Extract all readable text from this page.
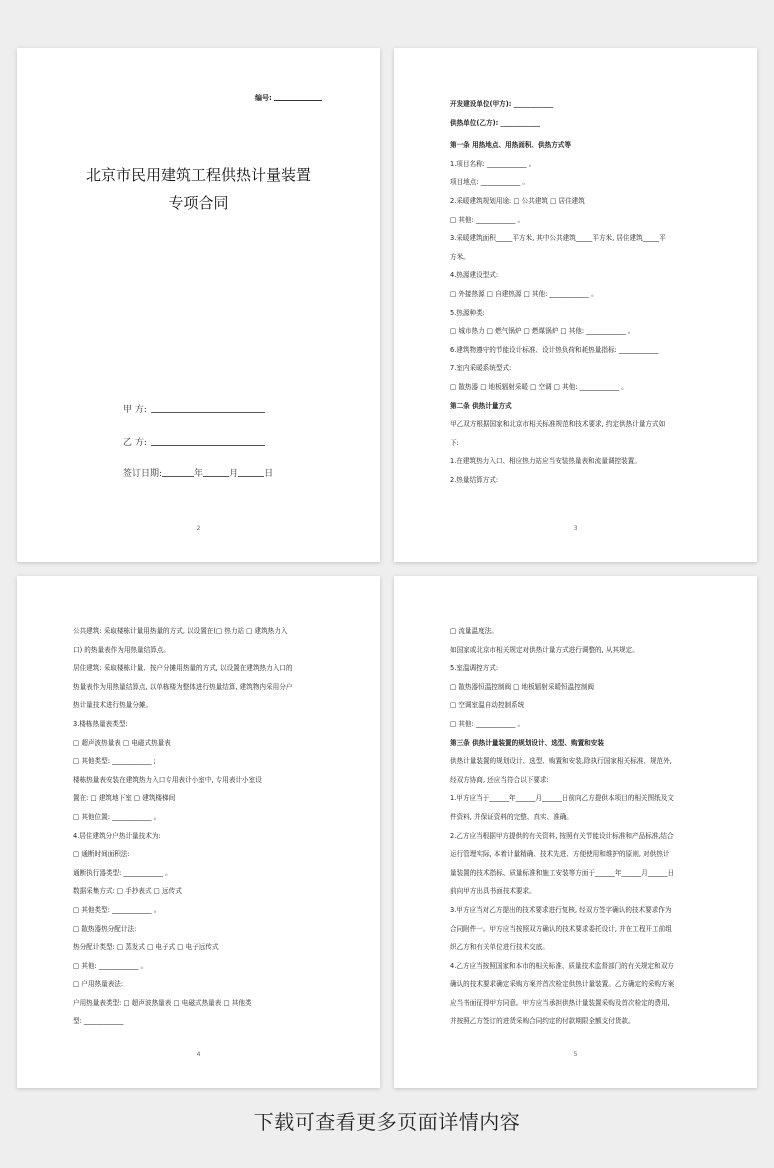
编号:
北京市民用建筑工程供热计量装置
专项合同
甲 方:
乙 方:
签订日期:	年	月	日
2
开发建设单位(甲方): ____________
供热单位(乙方): ____________
第一条 用热地点、用热面积、供热方式等
1.项目名称: ____________ 。
项目地点: ____________ 。
2.采暖建筑规划用途: □ 公共建筑 □ 居住建筑
□ 其他: ____________ 。
3.采暖建筑面积_____平方米, 其中公共建筑_____平方米, 居住建筑_____平
方米。
4.热源建设型式:
□ 外接热源 □ 自建热源 □ 其他: ____________ 。
5.热源种类:
□ 城市热力 □ 燃气锅炉 □ 燃煤锅炉 □ 其他: ____________ 。
6.建筑物遵守的节能设计标准、设计热负荷和耗热量指标: ____________
7.室内采暖系统型式:
□ 散热器 □ 地板辐射采暖 □ 空调 □ 其他: ____________ 。
第二条 供热计量方式
甲乙双方根据国家和北京市相关标准规范和技术要求, 约定供热计量方式如
下:
1.在建筑热力入口、相应热力站应当安装热量表和流量调控装置。
2.热量结算方式:
3
公共建筑: 采取楼栋计量用热量的方式, 以设置在(□ 热力站 □ 建筑热力入
口) 的热量表作为用热量结算点。
居住建筑: 采取楼栋计量、按户分摊用热量的方式, 以设置在建筑热力入口的
热量表作为用热量结算点, 以单栋楼为整体进行热量结算, 建筑物内采用分户
热计量技术进行热量分摊。
3.楼栋热量表类型:
□ 超声波热量表 □ 电磁式热量表
□ 其他类型: ____________ ;
楼栋热量表安装在建筑热力入口专用表计小室中, 专用表计小室设
置在: □ 建筑地下室 □ 建筑楼梯间
□ 其他位置: ____________ 。
4.居住建筑分户热计量技术为:
□ 通断时间面积法:
通断执行器类型: ____________ 。
数据采集方式: □ 手抄表式 □ 远传式
□ 其他类型: ____________ 。
□ 散热器热分配计法:
热分配计类型: □ 蒸发式 □ 电子式 □ 电子远传式
□ 其他: ____________ 。
□ 户用热量表法:
户用热量表类型: □ 超声波热量表 □ 电磁式热量表 □ 其他类
型: ____________
4
□ 流量温度法。
如国家或北京市相关规定对供热计量方式进行调整的, 从其规定。
5.室温调控方式:
□ 散热器恒温控制阀 □ 地板辐射采暖恒温控制阀
□ 空调室温自动控制系统
□ 其他: ____________ 。
第三条 供热计量装置的规划设计、选型、购置和安装
供热计量装置的规划设计、选型、购置和安装,除执行国家相关标准、规范外,
经双方协商, 还应当符合以下要求:
1.甲方应当于______年______月______日前向乙方提供本项目的相关图纸及文
件资料, 并保证资料的完整、真实、准确。
2.乙方应当根据甲方提供的有关资料, 按照有关节能设计标准和产品标准,结合
运行管理实际, 本着计量精确、技术先进、方便使用和维护的原则, 对供热计
量装置的技术指标、质量标准和施工安装等方面于______年______月______日
前向甲方出具书面技术要求。
3.甲方应当对乙方提出的技术要求进行复核, 经双方签字确认的技术要求作为
合同附件一。甲方应当按照双方确认的技术要求委托设计, 并在工程开工前组
织乙方和有关单位进行技术交底。
4.乙方应当按照国家和本市的相关标准、质量技术监督部门的有关规定和双方
确认的技术要求确定采购方案并首次检定供热计量装置。乙方确定的采购方案
应当书面征得甲方同意。甲方应当承担供热计量装置采购及首次检定的费用,
并按照乙方签订的进货采购合同约定的付款期限全额支付货款。
5
下载可查看更多页面详情内容
